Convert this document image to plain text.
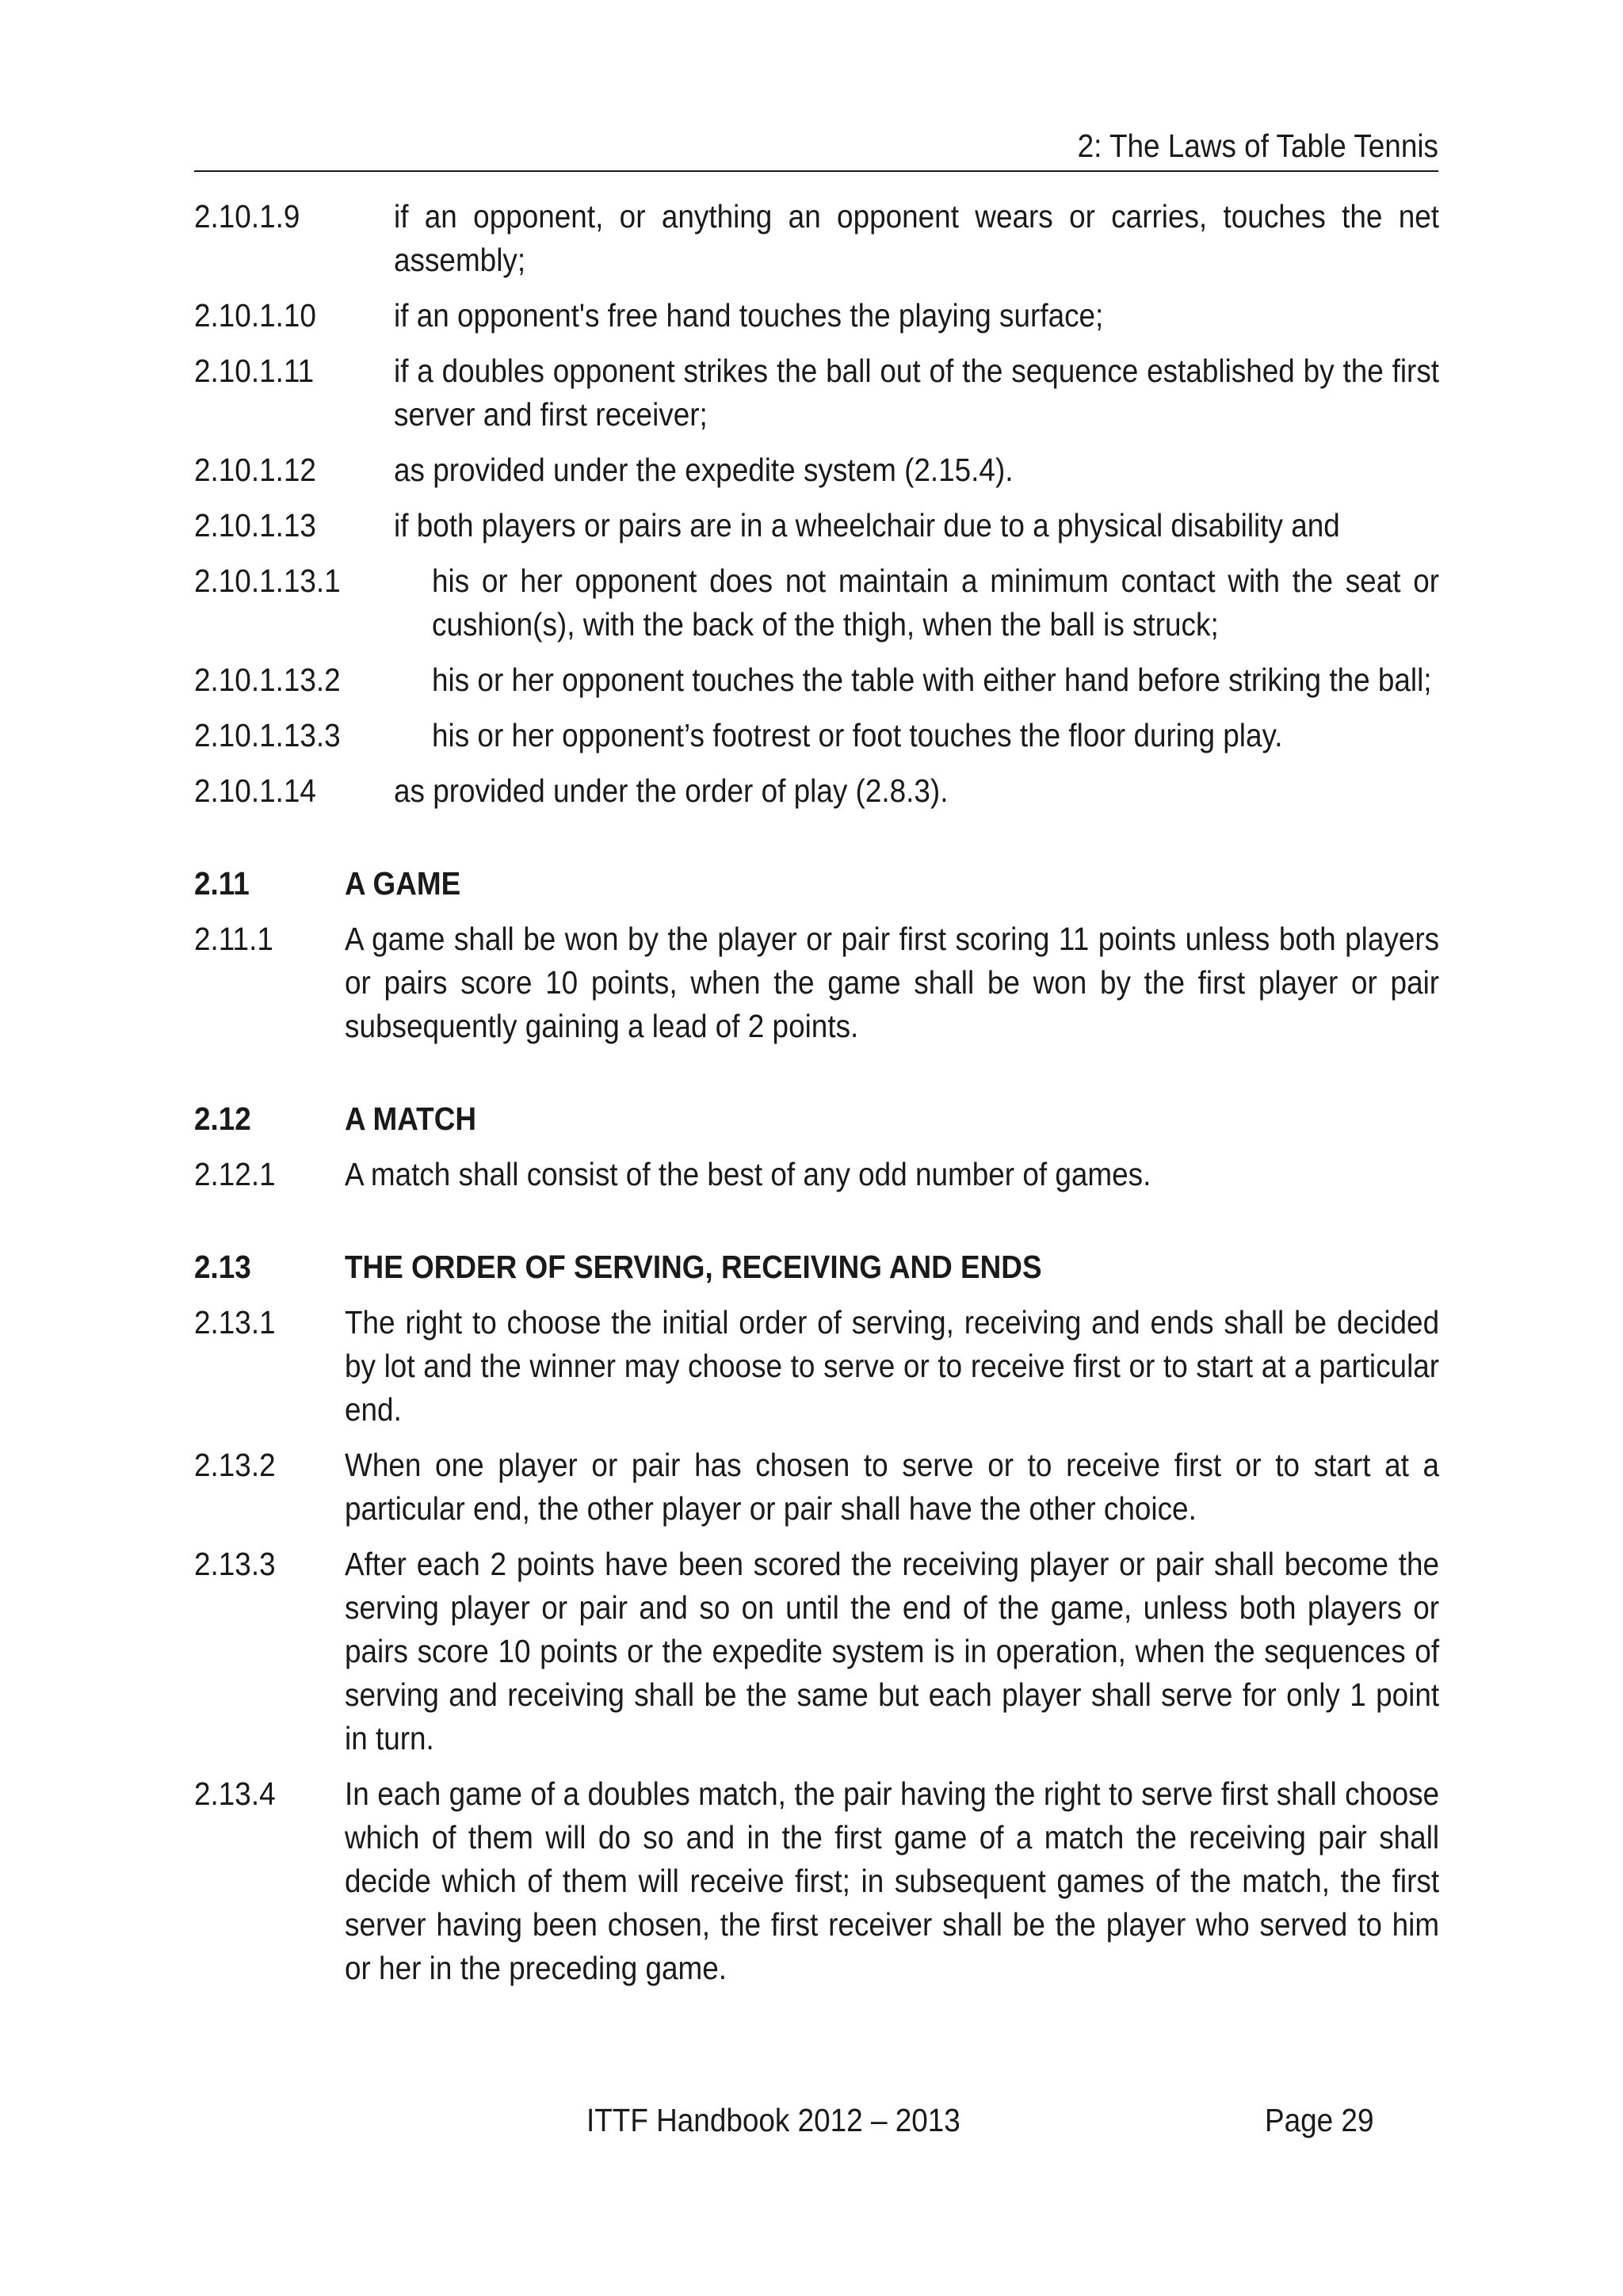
2: The Laws of Table Tennis
2.10.1.9	if an opponent, or anything an opponent wears or carries, touches the net assembly;
2.10.1.10 if an opponent's free hand touches the playing surface;
2.10.1.11 if a doubles opponent strikes the ball out of the sequence established by the first server and first receiver;
2.10.1.12 as provided under the expedite system (2.15.4).
2.10.1.13 if both players or pairs are in a wheelchair due to a physical disability and
2.10.1.13.1	his or her opponent does not maintain a minimum contact with the seat or cushion(s), with the back of the thigh, when the ball is struck;
2.10.1.13.2	his or her opponent touches the table with either hand before striking the ball;
2.10.1.13.3	his or her opponent’s footrest or foot touches the floor during play.
2.10.1.14 as provided under the order of play (2.8.3).
2.11	A GAME
2.11.1 A game shall be won by the player or pair first scoring 11 points unless both players or pairs score 10 points, when the game shall be won by the first player or pair subsequently gaining a lead of 2 points.
2.12	A MATCH
2.12.1 A match shall consist of the best of any odd number of games.
2.13	THE ORDER OF SERVING, RECEIVING AND ENDS
2.13.1 The right to choose the initial order of serving, receiving and ends shall be decided by lot and the winner may choose to serve or to receive first or to start at a particular end.
2.13.2 When one player or pair has chosen to serve or to receive first or to start at a particular end, the other player or pair shall have the other choice.
2.13.3 After each 2 points have been scored the receiving player or pair shall become the serving player or pair and so on until the end of the game, unless both players or pairs score 10 points or the expedite system is in operation, when the sequences of serving and receiving shall be the same but each player shall serve for only 1 point in turn.
2.13.4 In each game of a doubles match, the pair having the right to serve first shall choose which of them will do so and in the first game of a match the receiving pair shall decide which of them will receive first; in subsequent games of the match, the first server having been chosen, the first receiver shall be the player who served to him or her in the preceding game.
ITTF Handbook 2012 – 2013	Page 29
